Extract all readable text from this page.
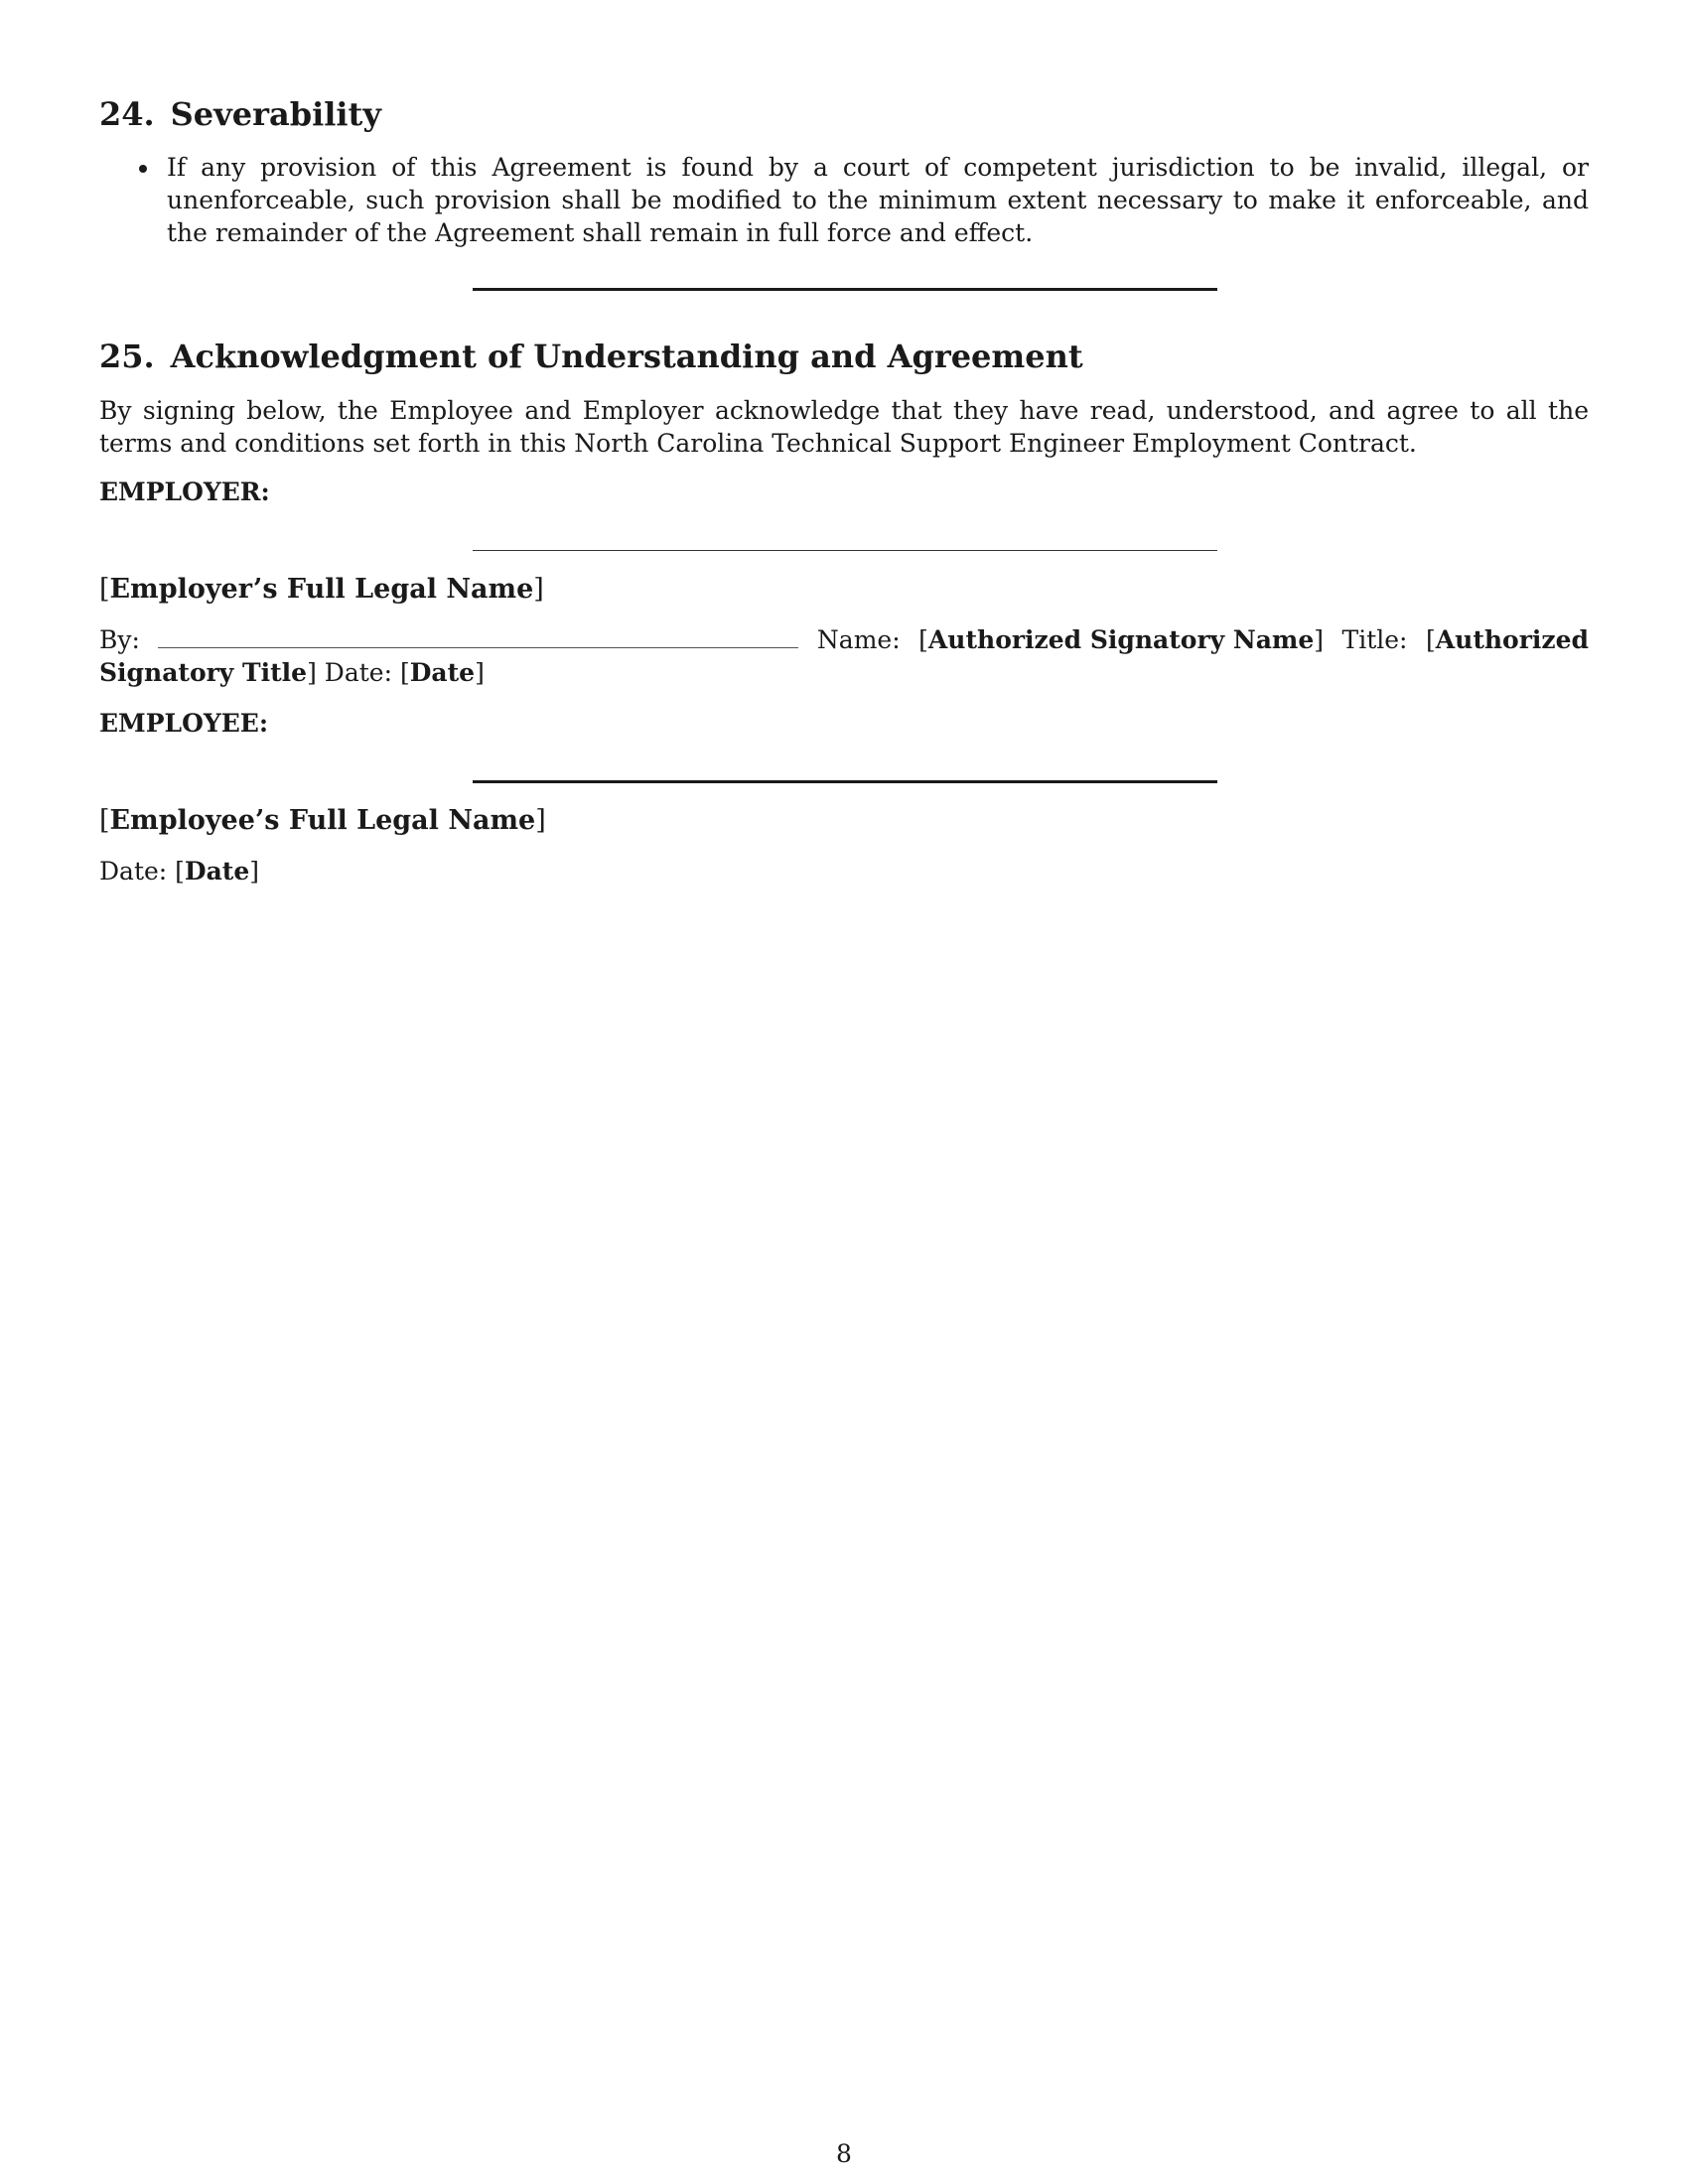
24. Severability
If any provision of this Agreement is found by a court of competent jurisdiction to be invalid, illegal, or unenforceable, such provision shall be modified to the minimum extent necessary to make it enforceable, and the remainder of the Agreement shall remain in full force and effect.
25. Acknowledgment of Understanding and Agreement

By signing below, the Employee and Employer acknowledge that they have read, understood, and agree to all the terms and conditions set forth in this North Carolina Technical Support Engineer Employment Contract.

EMPLOYER:

[Employer’s Full Legal Name]

By:	Name: [Authorized Signatory Name] Title: [Authorized
Signatory Title] Date: [Date]

EMPLOYEE:

[Employee’s Full Legal Name]

Date: [Date]

8
